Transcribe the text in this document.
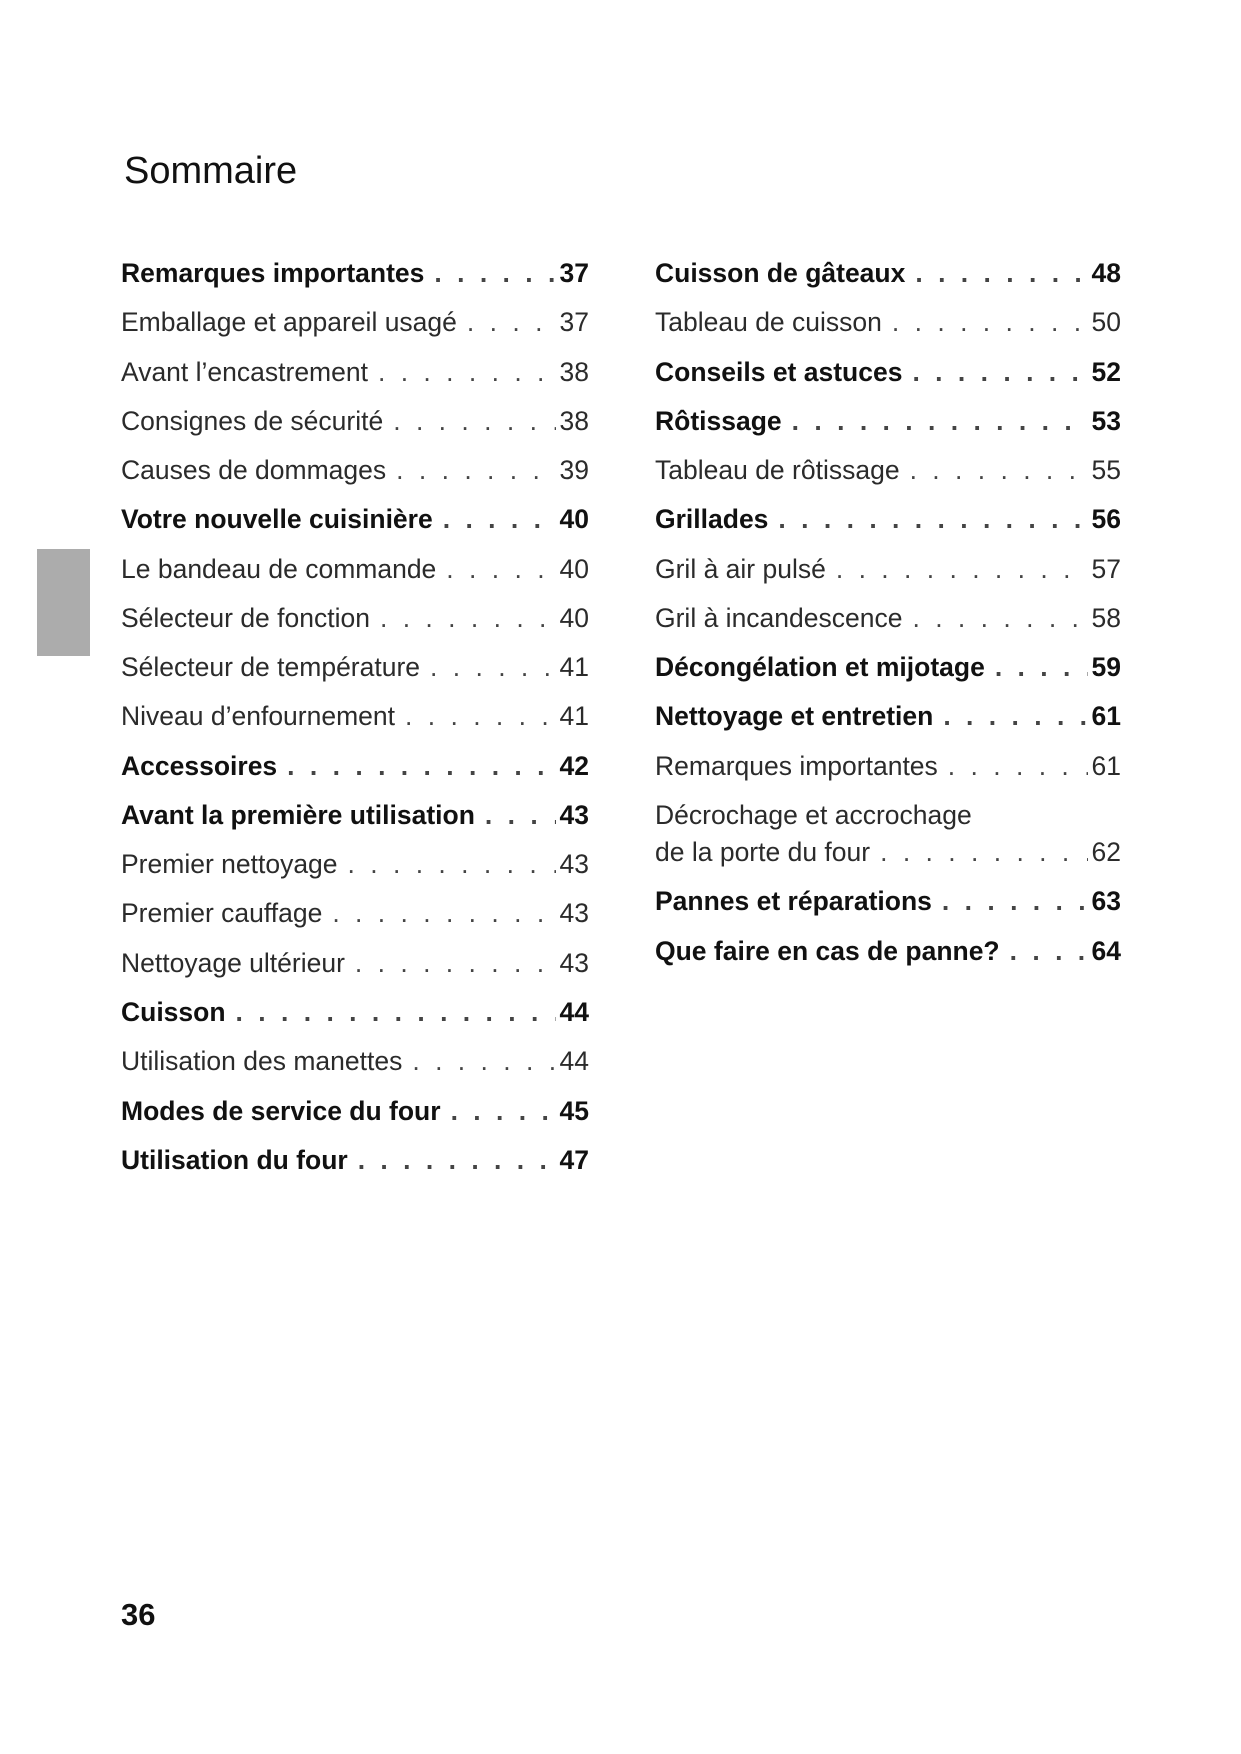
Sommaire
Remarques importantes . . .	37
Emballage et appareil usagé . . .	37
Avant l’encastrement . . .	38
Consignes de sécurité . . .	38
Causes de dommages . . .	39
Votre nouvelle cuisinière . . .	40
Le bandeau de commande . . .	40
Sélecteur de fonction . . .	40
Sélecteur de température . . .	41
Niveau d’enfournement . . .	41
Accessoires . . .	42
Avant la première utilisation . . .	43
Premier nettoyage . . .	43
Premier cauffage . . .	43
Nettoyage ultérieur . . .	43
Cuisson . . .	44
Utilisation des manettes . . .	44
Modes de service du four . . .	45
Utilisation du four . . .	47
Cuisson de gâteaux . . .	48
Tableau de cuisson . . .	50
Conseils et astuces . . .	52
Rôtissage . . .	53
Tableau de rôtissage . . .	55
Grillades . . .	56
Gril à air pulsé . . .	57
Gril à incandescence . . .	58
Décongélation et mijotage . . .	59
Nettoyage et entretien . . .	61
Remarques importantes . . .	61
Décrochage et accrochage
de la porte du four . . .	62
Pannes et réparations . . .	63
Que faire en cas de panne? . . .	64
36
